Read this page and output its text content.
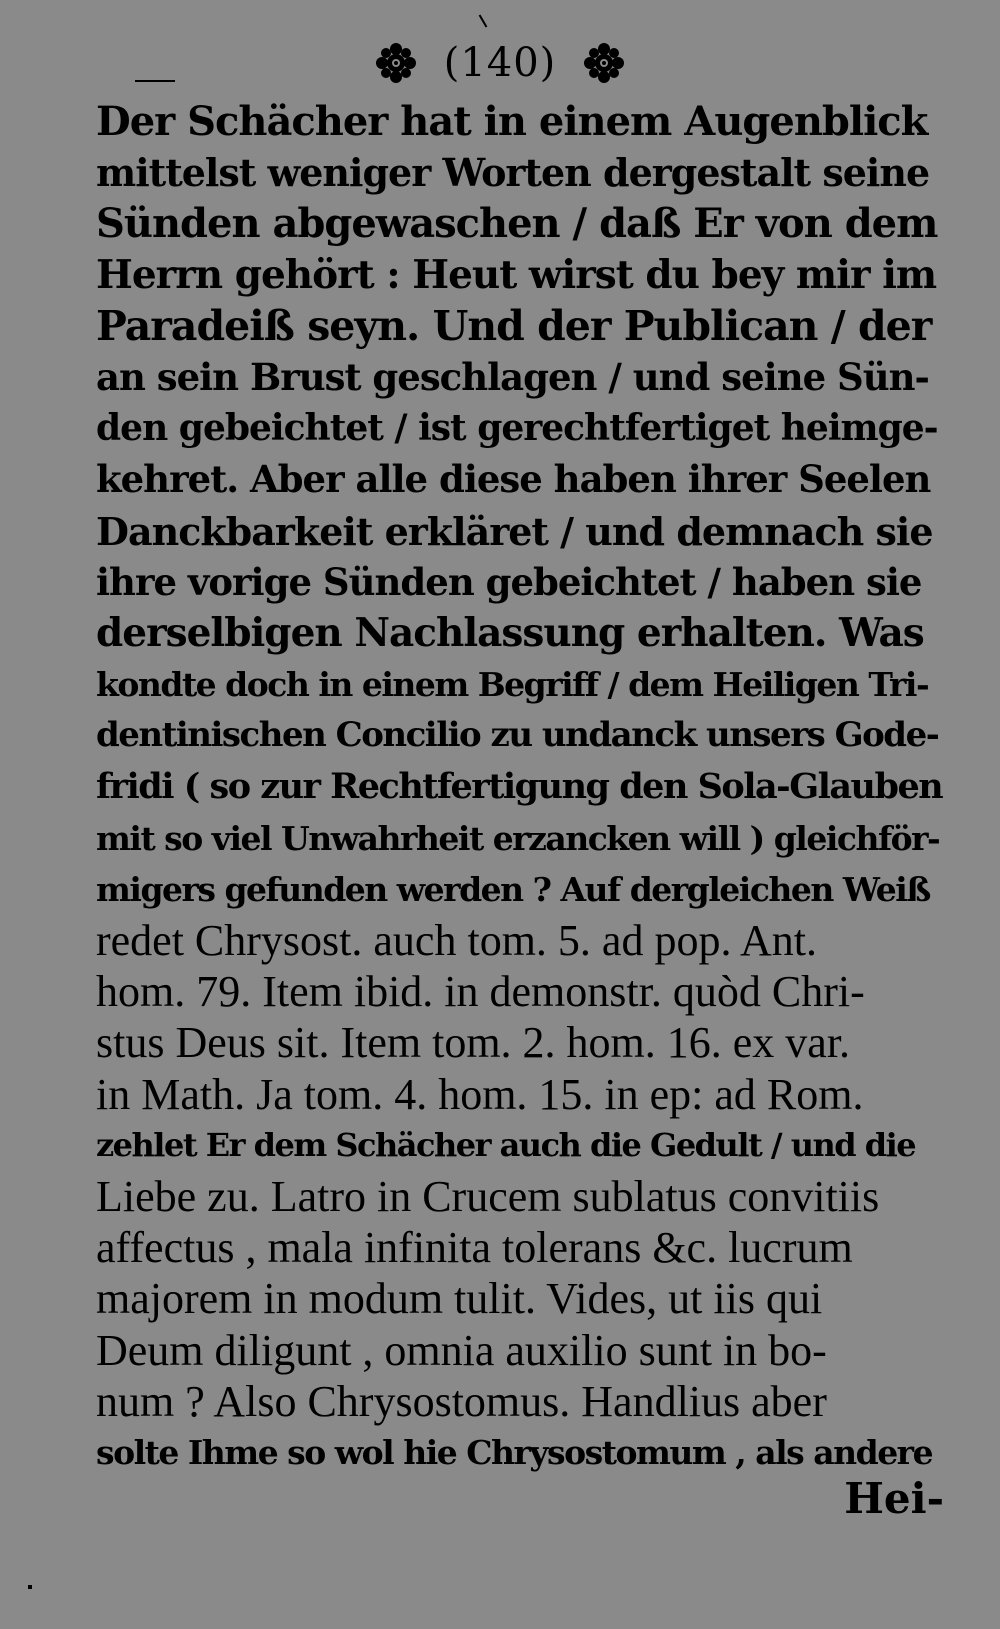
(140)
Der Schächer hat in einem Augenblick
mittelst weniger Worten dergestalt seine
Sünden abgewaschen / daß Er von dem
Herrn gehört : Heut wirst du bey mir im
Paradeiß seyn. Und der Publican / der
an sein Brust geschlagen / und seine Sün-
den gebeichtet / ist gerechtfertiget heimge-
kehret. Aber alle diese haben ihrer Seelen
Danckbarkeit erkläret / und demnach sie
ihre vorige Sünden gebeichtet / haben sie
derselbigen Nachlassung erhalten. Was
kondte doch in einem Begriff / dem Heiligen Tri-
dentinischen Concilio zu undanck unsers Gode-
fridi ( so zur Rechtfertigung den Sola-Glauben
mit so viel Unwahrheit erzancken will ) gleichför-
migers gefunden werden ? Auf dergleichen Weiß
redet Chrysost. auch tom. 5. ad pop. Ant.
hom. 79. Item ibid. in demonstr. quòd Chri-
stus Deus sit. Item tom. 2. hom. 16. ex var.
in Math. Ja tom. 4. hom. 15. in ep: ad Rom.
zehlet Er dem Schächer auch die Gedult / und die
Liebe zu. Latro in Crucem sublatus convitiis
affectus , mala infinita tolerans &c. lucrum
majorem in modum tulit. Vides, ut iis qui
Deum diligunt , omnia auxilio sunt in bo-
num ? Also Chrysostomus. Handlius aber
solte Ihme so wol hie Chrysostomum , als andere
Hei-
